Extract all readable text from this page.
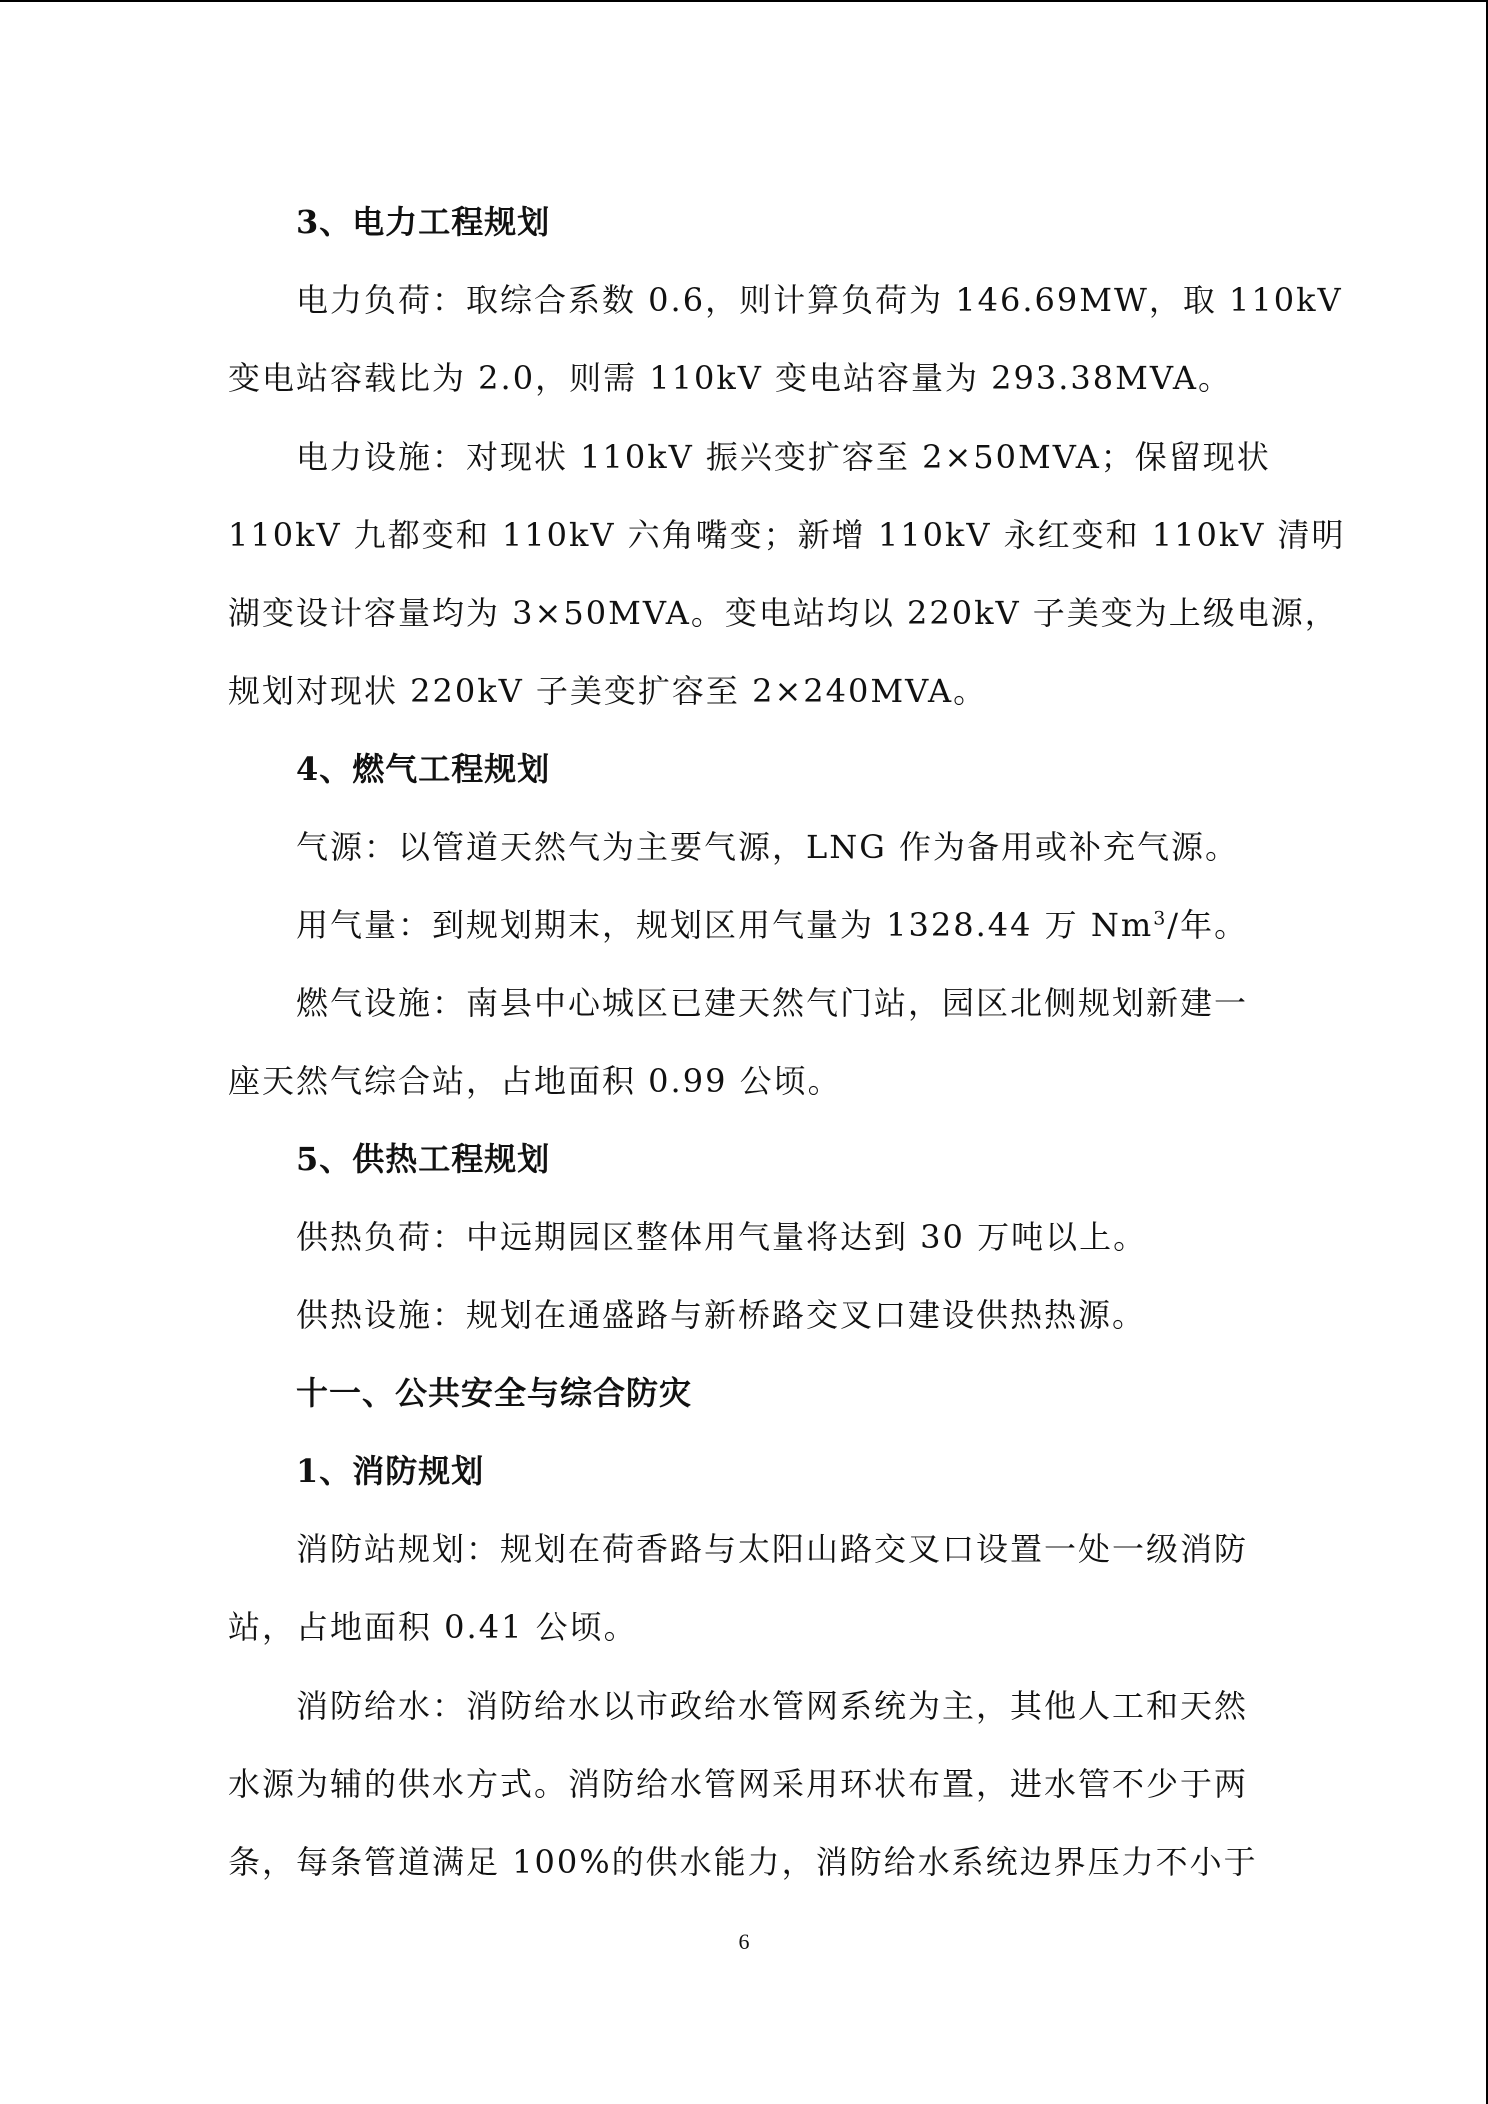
3、电力工程规划
电力负荷：取综合系数 0.6，则计算负荷为 146.69MW，取 110kV
变电站容载比为 2.0，则需 110kV 变电站容量为 293.38MVA。
电力设施：对现状 110kV 振兴变扩容至 2×50MVA；保留现状
110kV 九都变和 110kV 六角嘴变；新增 110kV 永红变和 110kV 清明
湖变设计容量均为 3×50MVA。变电站均以 220kV 子美变为上级电源，
规划对现状 220kV 子美变扩容至 2×240MVA。
4、燃气工程规划
气源：以管道天然气为主要气源，LNG 作为备用或补充气源。
用气量：到规划期末，规划区用气量为 1328.44 万 Nm$^3$/年。
燃气设施：南县中心城区已建天然气门站，园区北侧规划新建一
座天然气综合站，占地面积 0.99 公顷。
5、供热工程规划
供热负荷：中远期园区整体用气量将达到 30 万吨以上。
供热设施：规划在通盛路与新桥路交叉口建设供热热源。
十一、公共安全与综合防灾
1、消防规划
消防站规划：规划在荷香路与太阳山路交叉口设置一处一级消防
站，占地面积 0.41 公顷。
消防给水：消防给水以市政给水管网系统为主，其他人工和天然
水源为辅的供水方式。消防给水管网采用环状布置，进水管不少于两
条，每条管道满足 100%的供水能力，消防给水系统边界压力不小于
6
